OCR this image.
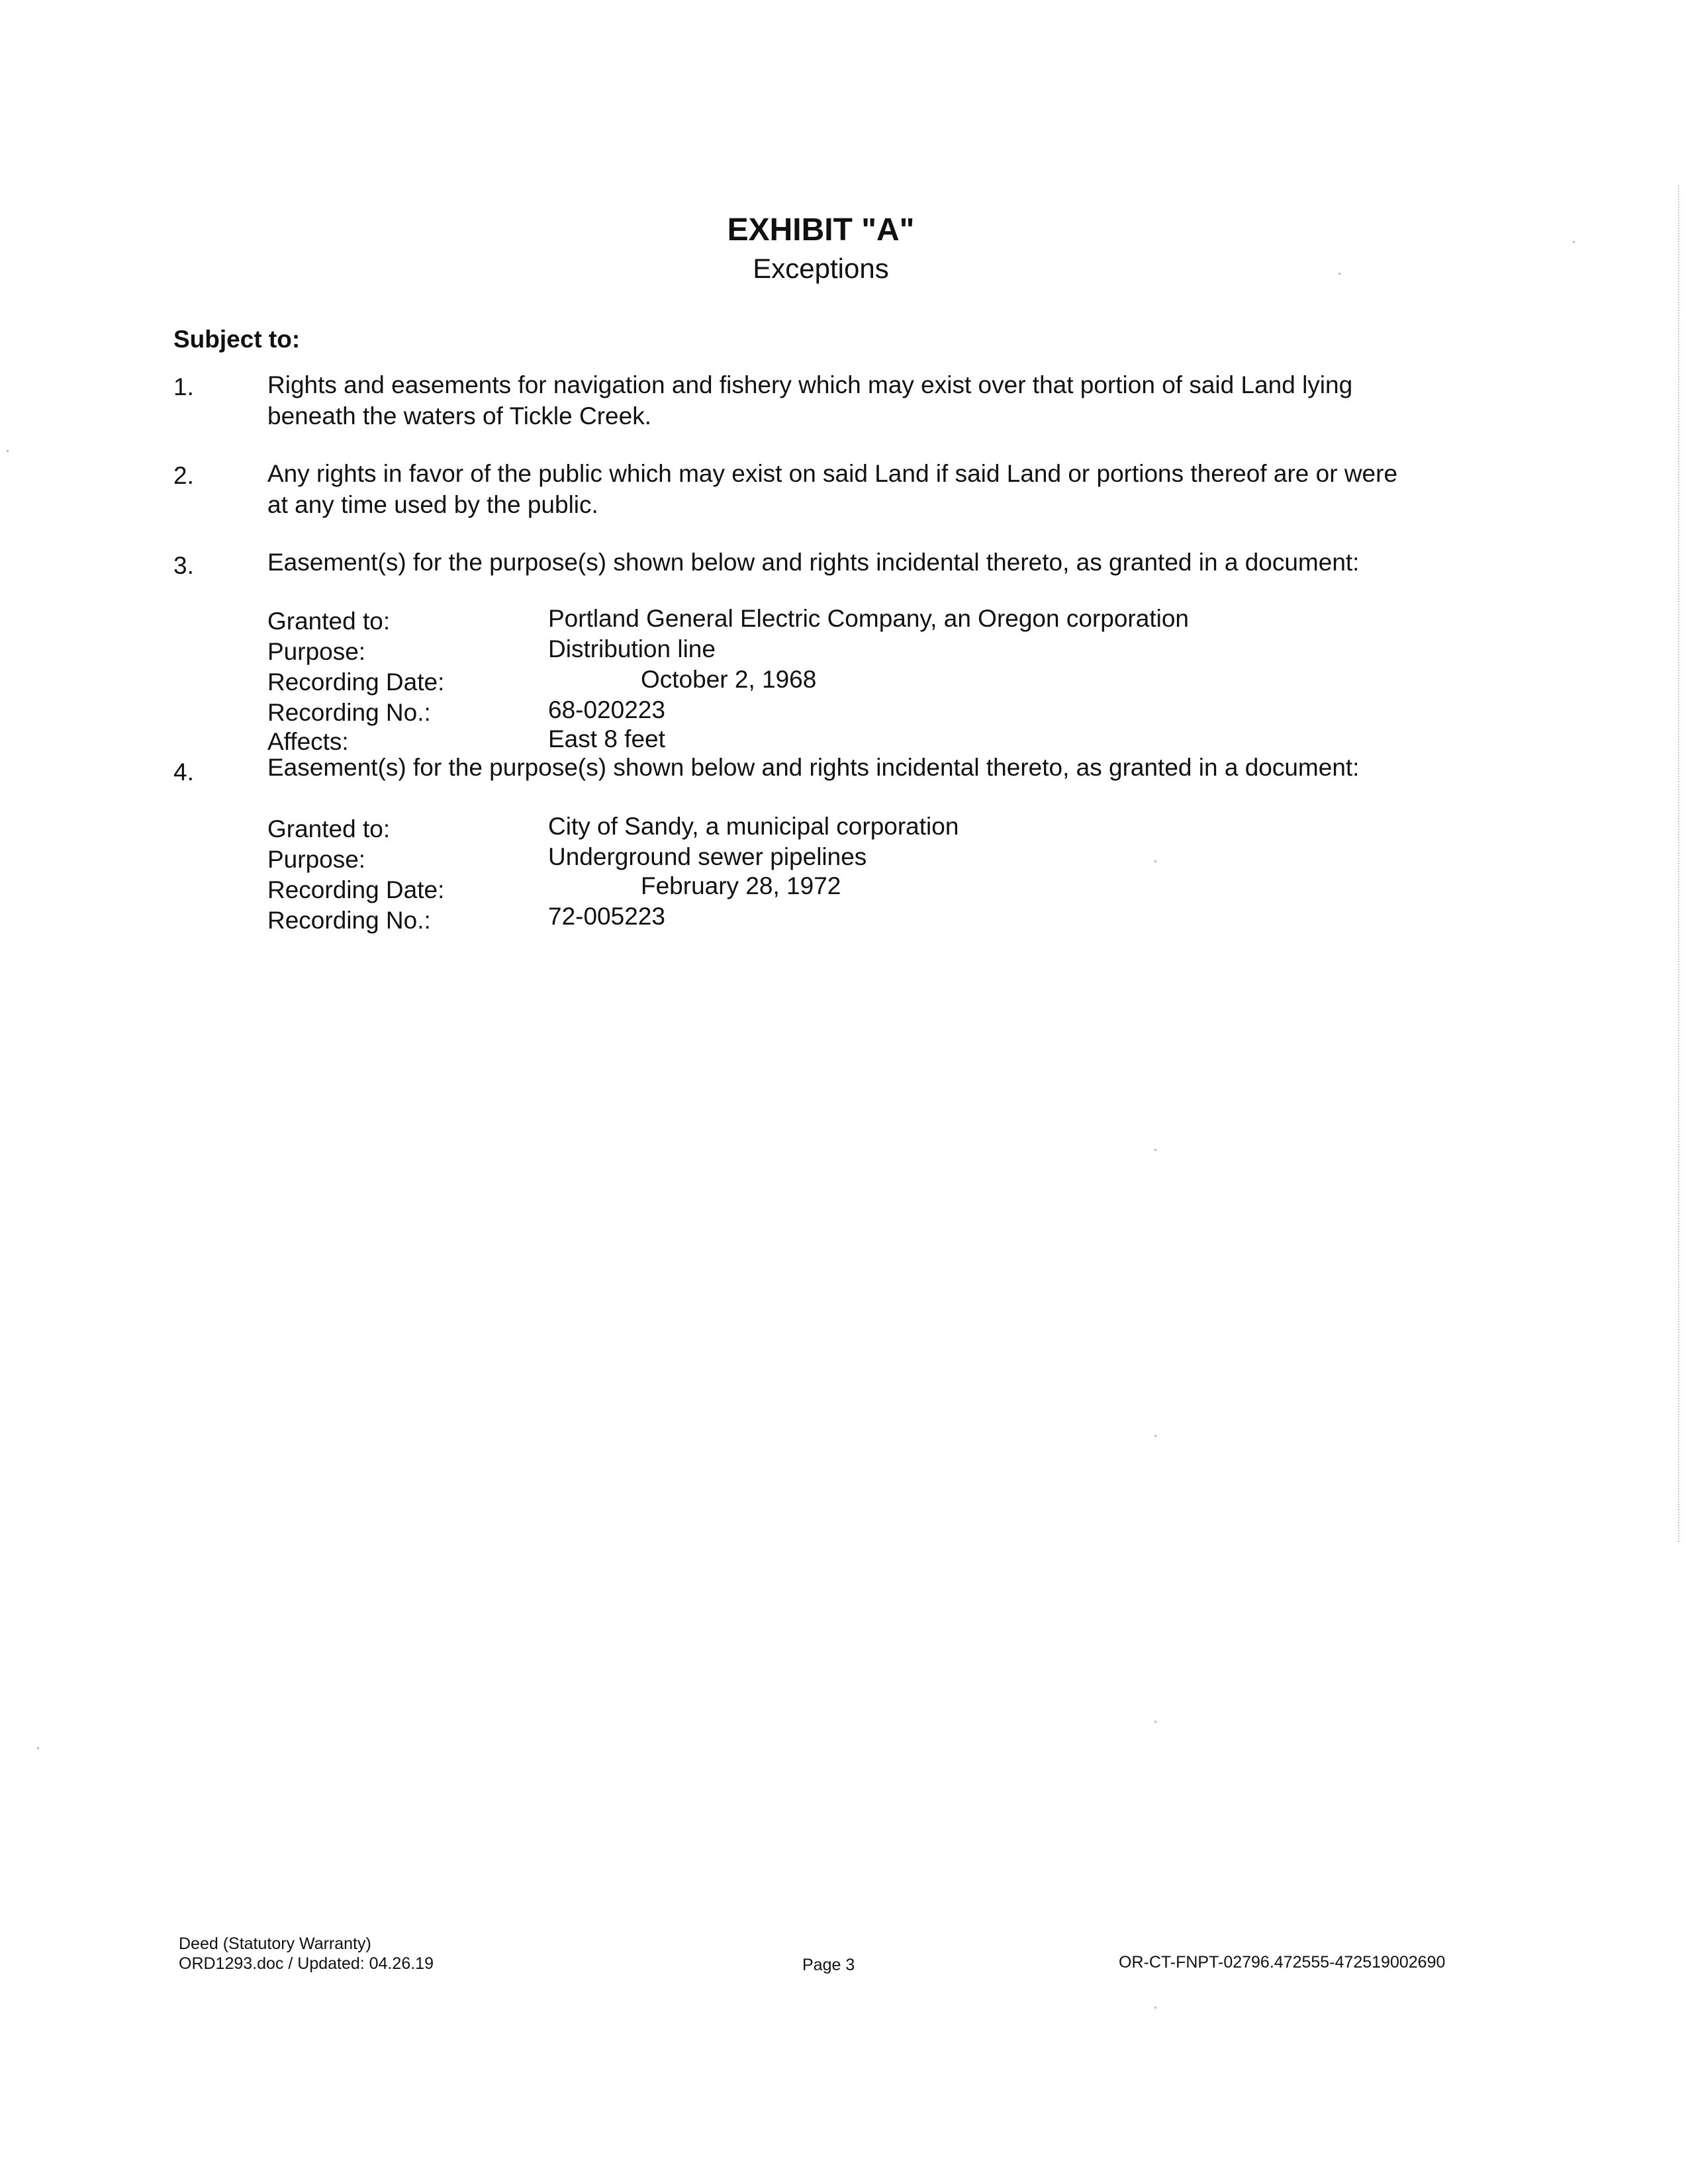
EXHIBIT "A"
Exceptions
Subject to:
1.	Rights and easements for navigation and fishery which may exist over that portion of said Land lying
beneath the waters of Tickle Creek.
2.	Any rights in favor of the public which may exist on said Land if said Land or portions thereof are or were
at any time used by the public.
3.	Easement(s) for the purpose(s) shown below and rights incidental thereto, as granted in a document:
Granted to:	Portland General Electric Company, an Oregon corporation
Purpose:	Distribution line
Recording Date:	October 2, 1968
Recording No.:	68-020223
Affects:	East 8 feet
4.	Easement(s) for the purpose(s) shown below and rights incidental thereto, as granted in a document:
Granted to:	City of Sandy, a municipal corporation
Purpose:	Underground sewer pipelines
Recording Date:	February 28, 1972
Recording No.:	72-005223
Deed (Statutory Warranty)
ORD1293.doc / Updated: 04.26.19	Page 3	OR-CT-FNPT-02796.472555-472519002690
